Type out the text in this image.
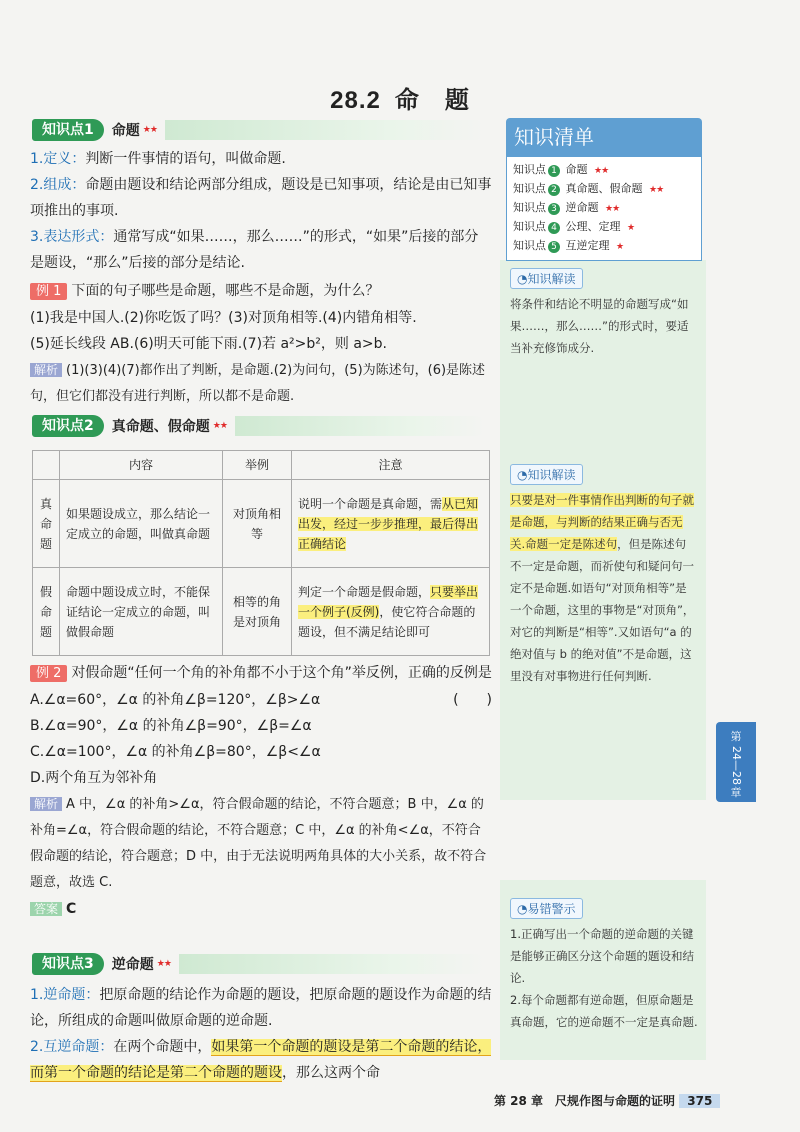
28.2 命　题
知识点1	命题 ★★
1.定义：判断一件事情的语句，叫做命题.
2.组成：命题由题设和结论两部分组成，题设是已知事项，结论是由已知事项推出的事项.
3.表达形式：通常写成“如果……，那么……”的形式，“如果”后接的部分是题设，“那么”后接的部分是结论.
例 1 下面的句子哪些是命题，哪些不是命题，为什么？
(1)我是中国人.(2)你吃饭了吗？(3)对顶角相等.(4)内错角相等.
(5)延长线段 AB.(6)明天可能下雨.(7)若 a²>b²，则 a>b.
解析 (1)(3)(4)(7)都作出了判断，是命题.(2)为问句，(5)为陈述句，(6)是陈述句，但它们都没有进行判断，所以都不是命题.
知识点2	真命题、假命题 ★★
	内容	举例	注意
真命题	如果题设成立，那么结论一定成立的命题，叫做真命题	对顶角相等	说明一个命题是真命题，需从已知出发，经过一步步推理，最后得出正确结论
假命题	命题中题设成立时，不能保证结论一定成立的命题，叫做假命题	相等的角是对顶角	判定一个命题是假命题，只要举出一个例子(反例)，使它符合命题的题设，但不满足结论即可
例 2 对假命题“任何一个角的补角都不小于这个角”举反例，正确的反例是
(　　)
A.∠α=60°，∠α 的补角∠β=120°，∠β>∠α
B.∠α=90°，∠α 的补角∠β=90°，∠β=∠α
C.∠α=100°，∠α 的补角∠β=80°，∠β<∠α
D.两个角互为邻补角
解析 A 中，∠α 的补角>∠α，符合假命题的结论，不符合题意；B 中，∠α 的补角=∠α，符合假命题的结论，不符合题意；C 中，∠α 的补角<∠α，不符合假命题的结论，符合题意；D 中，由于无法说明两角具体的大小关系，故不符合题意，故选 C.
答案 C
知识点3	逆命题 ★★
1.逆命题：把原命题的结论作为命题的题设，把原命题的题设作为命题的结论，所组成的命题叫做原命题的逆命题.
2.互逆命题：在两个命题中，如果第一个命题的题设是第二个命题的结论，而第一个命题的结论是第二个命题的题设，那么这两个命
知识清单
知识点 1 命题 ★★
知识点 2 真命题、假命题 ★★
知识点 3 逆命题 ★★
知识点 4 公理、定理 ★
知识点 5 互逆定理 ★
◔知识解读
将条件和结论不明显的命题写成“如果……，那么……”的形式时，要适当补充修饰成分.
◔知识解读
只要是对一件事情作出判断的句子就是命题，与判断的结果正确与否无关.命题一定是陈述句，但是陈述句不一定是命题，而祈使句和疑问句一定不是命题.如语句“对顶角相等”是一个命题，这里的事物是“对顶角”，对它的判断是“相等”.又如语句“a 的绝对值与 b 的绝对值”不是命题，这里没有对事物进行任何判断.
◔易错警示
1.正确写出一个命题的逆命题的关键是能够正确区分这个命题的题设和结论.
2.每个命题都有逆命题，但原命题是真命题，它的逆命题不一定是真命题.
第
24—28
章
第 28 章　尺规作图与命题的证明 375
